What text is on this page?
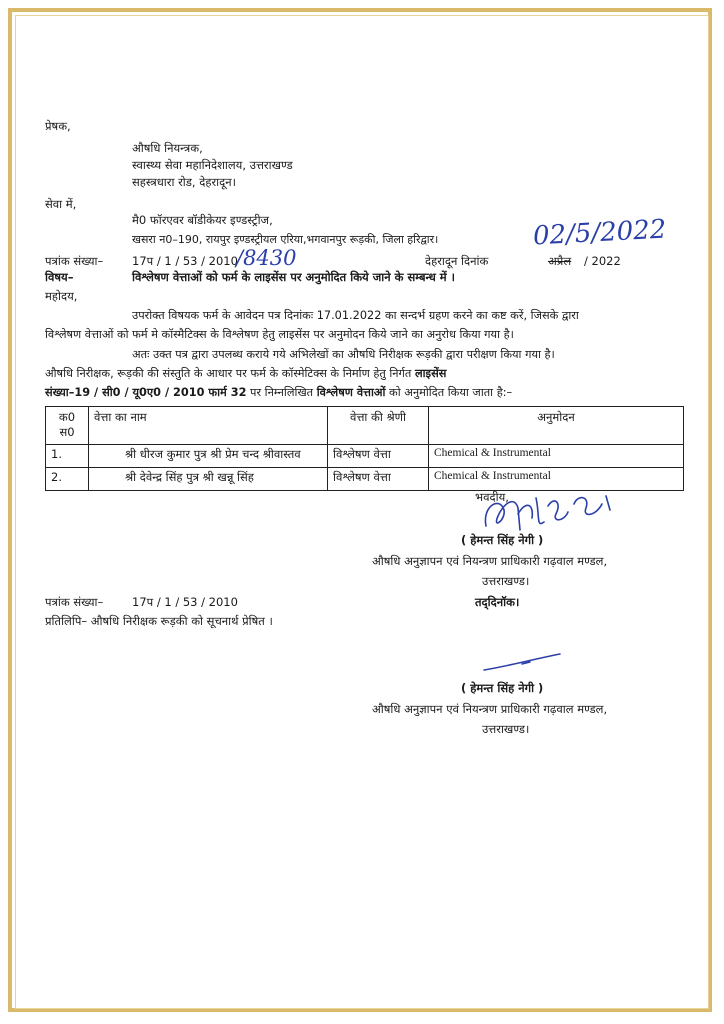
प्रेषक,
औषधि नियन्त्रक,
स्वास्थ्य सेवा महानिदेशालय, उत्तराखण्ड
सहस्त्रधारा रोड, देहरादून।
सेवा में,
मै0 फॉरएवर बॉडीकेयर इण्डस्ट्रीज,
खसरा न0–190, रायपुर इण्डस्ट्रीयल एरिया,भगवानपुर रूड़की, जिला हरिद्वार।
पत्रांक संख्या–	17प / 1 / 53 / 2010
/8430	देहरादून दिनांक
02/5/2022
अप्रैल / 2022
विषय–	विश्लेषण वेत्ताओं को फर्म के लाइसेंस पर अनुमोदित किये जाने के सम्बन्ध में ।
महोदय,
उपरोक्त विषयक फर्म के आवेदन पत्र दिनांकः 17.01.2022 का सन्दर्भ ग्रहण करने का कष्ट करें, जिसके द्वारा
विश्लेषण वेत्ताओं को फर्म मे कॉस्मैटिक्स के विश्लेषण हेतु लाइसेंस पर अनुमोदन किये जाने का अनुरोध किया गया है।
अतः उक्त पत्र द्वारा उपलब्ध कराये गये अभिलेखों का औषधि निरीक्षक रूड़की द्वारा परीक्षण किया गया है।
औषधि निरीक्षक, रूड़की की संस्तुति के आधार पर फर्म के कॉस्मेटिक्स के निर्माण हेतु निर्गत लाइसेंस
संख्या–19 / सी0 / यू0ए0 / 2010 फार्म 32 पर निम्नलिखित विश्लेषण वेत्ताओं को अनुमोदित किया जाता है:–
क0 स0	वेत्ता का नाम	वेत्ता की श्रेणी	अनुमोदन
1.	श्री धीरज कुमार पुत्र श्री प्रेम चन्द श्रीवास्तव	विश्लेषण वेत्ता	Chemical & Instrumental
2.	श्री देवेन्द्र सिंह पुत्र श्री खन्नू सिंह	विश्लेषण वेत्ता	Chemical & Instrumental
भवदीय,
( हेमन्त सिंह नेगी )
औषधि अनुज्ञापन एवं नियन्त्रण प्राधिकारी गढ़वाल मण्डल,
उत्तराखण्ड।
पत्रांक संख्या–	17प / 1 / 53 / 2010	तद्‌दिनॉक।
प्रतिलिपि– औषधि निरीक्षक रूड़की को सूचनार्थ प्रेषित ।
( हेमन्त सिंह नेगी )
औषधि अनुज्ञापन एवं नियन्त्रण प्राधिकारी गढ़वाल मण्डल,
उत्तराखण्ड।
